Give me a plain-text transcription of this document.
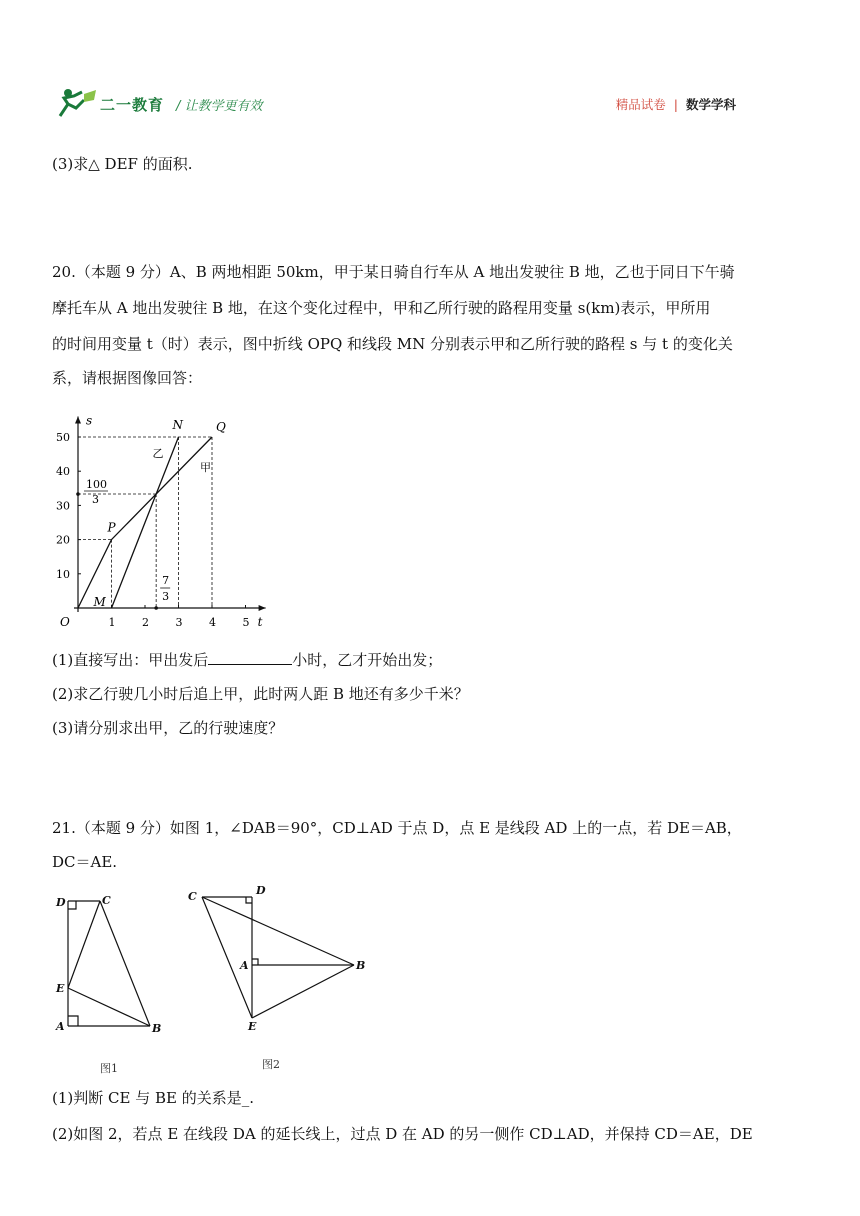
二一教育 / 让教学更有效	精品试卷 | 数学学科
(3)求△ DEF 的面积.
20.（本题 9 分）A、B 两地相距 50km，甲于某日骑自行车从 A 地出发驶往 B 地，乙也于同日下午骑
摩托车从 A 地出发驶往 B 地，在这个变化过程中，甲和乙所行驶的路程用变量 s(km)表示，甲所用
的时间用变量 t（时）表示，图中折线 OPQ 和线段 MN 分别表示甲和乙所行驶的路程 s 与 t 的变化关
系，请根据图像回答：
t
s
O	1 2 3 4 5
10
20
30
40
50
100
3
7
3
P
Q
M
N
甲
乙
(1)直接写出：甲出发后	小时，乙才开始出发；
(2)求乙行驶几小时后追上甲，此时两人距 B 地还有多少千米？
(3)请分别求出甲，乙的行驶速度？
21.（本题 9 分）如图 1，∠DAB＝90°，CD⊥AD 于点 D，点 E 是线段 AD 上的一点，若 DE＝AB，
DC＝AE.
D	C
E
A	B
图1
C	D
A	B
E
图2
(1)判断 CE 与 BE 的关系是_.
(2)如图 2，若点 E 在线段 DA 的延长线上，过点 D 在 AD 的另一侧作 CD⊥AD，并保持 CD＝AE，DE
